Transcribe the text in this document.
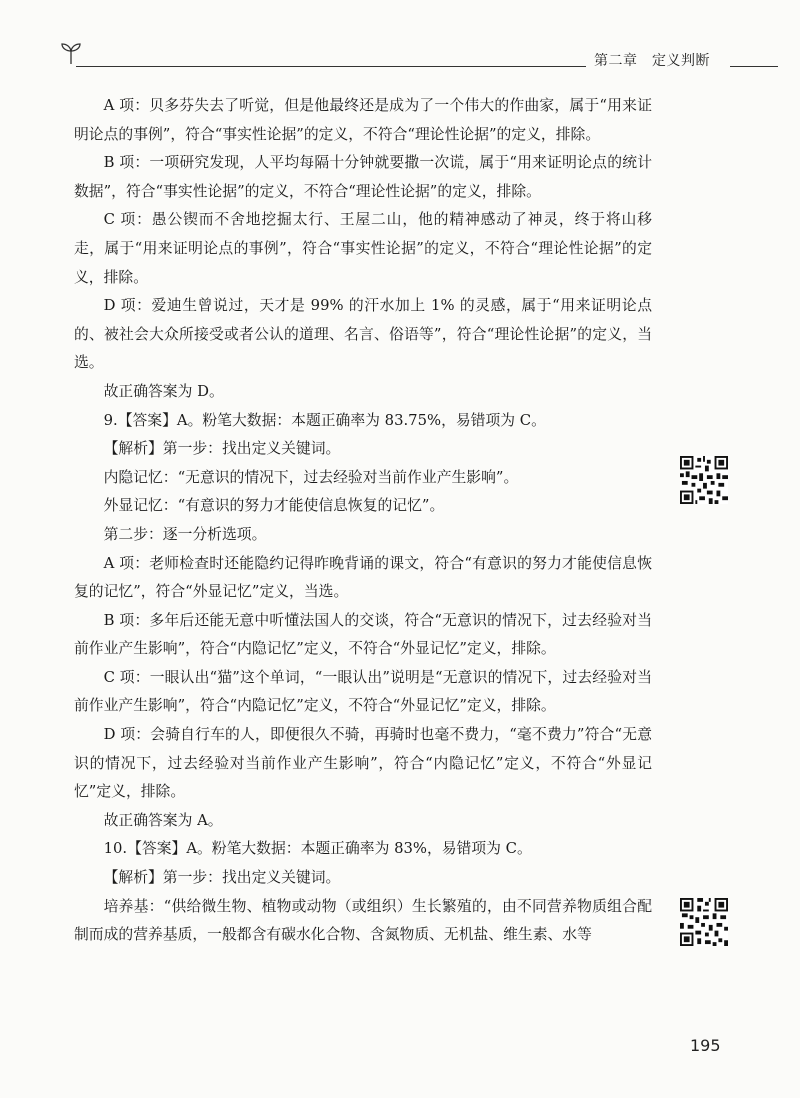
第二章　定义判断

A 项：贝多芬失去了听觉，但是他最终还是成为了一个伟大的作曲家，属于“用来证明论点的事例”，符合“事实性论据”的定义，不符合“理论性论据”的定义，排除。

B 项：一项研究发现，人平均每隔十分钟就要撒一次谎，属于“用来证明论点的统计数据”，符合“事实性论据”的定义，不符合“理论性论据”的定义，排除。

C 项：愚公锲而不舍地挖掘太行、王屋二山，他的精神感动了神灵，终于将山移走，属于“用来证明论点的事例”，符合“事实性论据”的定义，不符合“理论性论据”的定义，排除。

D 项：爱迪生曾说过，天才是 99% 的汗水加上 1% 的灵感，属于“用来证明论点的、被社会大众所接受或者公认的道理、名言、俗语等”，符合“理论性论据”的定义，当选。

故正确答案为 D。

9.【答案】A。粉笔大数据：本题正确率为 83.75%，易错项为 C。

【解析】第一步：找出定义关键词。

内隐记忆：“无意识的情况下，过去经验对当前作业产生影响”。

外显记忆：“有意识的努力才能使信息恢复的记忆”。

第二步：逐一分析选项。

A 项：老师检查时还能隐约记得昨晚背诵的课文，符合“有意识的努力才能使信息恢复的记忆”，符合“外显记忆”定义，当选。

B 项：多年后还能无意中听懂法国人的交谈，符合“无意识的情况下，过去经验对当前作业产生影响”，符合“内隐记忆”定义，不符合“外显记忆”定义，排除。

C 项：一眼认出“猫”这个单词，“一眼认出”说明是“无意识的情况下，过去经验对当前作业产生影响”，符合“内隐记忆”定义，不符合“外显记忆”定义，排除。

D 项：会骑自行车的人，即便很久不骑，再骑时也毫不费力，“毫不费力”符合“无意识的情况下，过去经验对当前作业产生影响”，符合“内隐记忆”定义，不符合“外显记忆”定义，排除。

故正确答案为 A。

10.【答案】A。粉笔大数据：本题正确率为 83%，易错项为 C。

【解析】第一步：找出定义关键词。

培养基：“供给微生物、植物或动物（或组织）生长繁殖的，由不同营养物质组合配制而成的营养基质，一般都含有碳水化合物、含氮物质、无机盐、维生素、水等

195
